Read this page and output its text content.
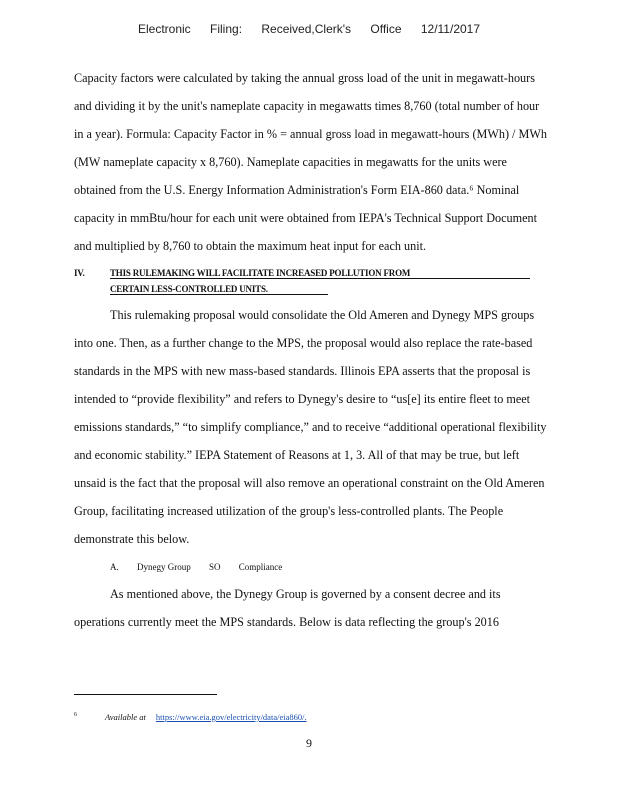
Electronic Filing: Received,Clerk's Office 12/11/2017
Capacity factors were calculated by taking the annual gross load of the unit in megawatt-hours
and dividing it by the unit's nameplate capacity in megawatts times 8,760 (total number of hour
in a year). Formula: Capacity Factor in % = annual gross load in megawatt-hours (MWh) / MWh
(MW nameplate capacity x 8,760). Nameplate capacities in megawatts for the units were
obtained from the U.S. Energy Information Administration's Form EIA-860 data.⁶ Nominal
capacity in mmBtu/hour for each unit were obtained from IEPA's Technical Support Document
and multiplied by 8,760 to obtain the maximum heat input for each unit.
IV.	THIS RULEMAKING WILL FACILITATE INCREASED POLLUTION FROM
CERTAIN LESS-CONTROLLED UNITS.
This rulemaking proposal would consolidate the Old Ameren and Dynegy MPS groups
into one. Then, as a further change to the MPS, the proposal would also replace the rate-based
standards in the MPS with new mass-based standards. Illinois EPA asserts that the proposal is
intended to “provide flexibility” and refers to Dynegy's desire to “us[e] its entire fleet to meet
emissions standards,” “to simplify compliance,” and to receive “additional operational flexibility
and economic stability.” IEPA Statement of Reasons at 1, 3. All of that may be true, but left
unsaid is the fact that the proposal will also remove an operational constraint on the Old Ameren
Group, facilitating increased utilization of the group's less-controlled plants. The People
demonstrate this below.
A. Dynegy Group SO Compliance
As mentioned above, the Dynegy Group is governed by a consent decree and its
operations currently meet the MPS standards. Below is data reflecting the group's 2016
$^6$	Available at https://www.eia.gov/electricity/data/eia860/.
9
